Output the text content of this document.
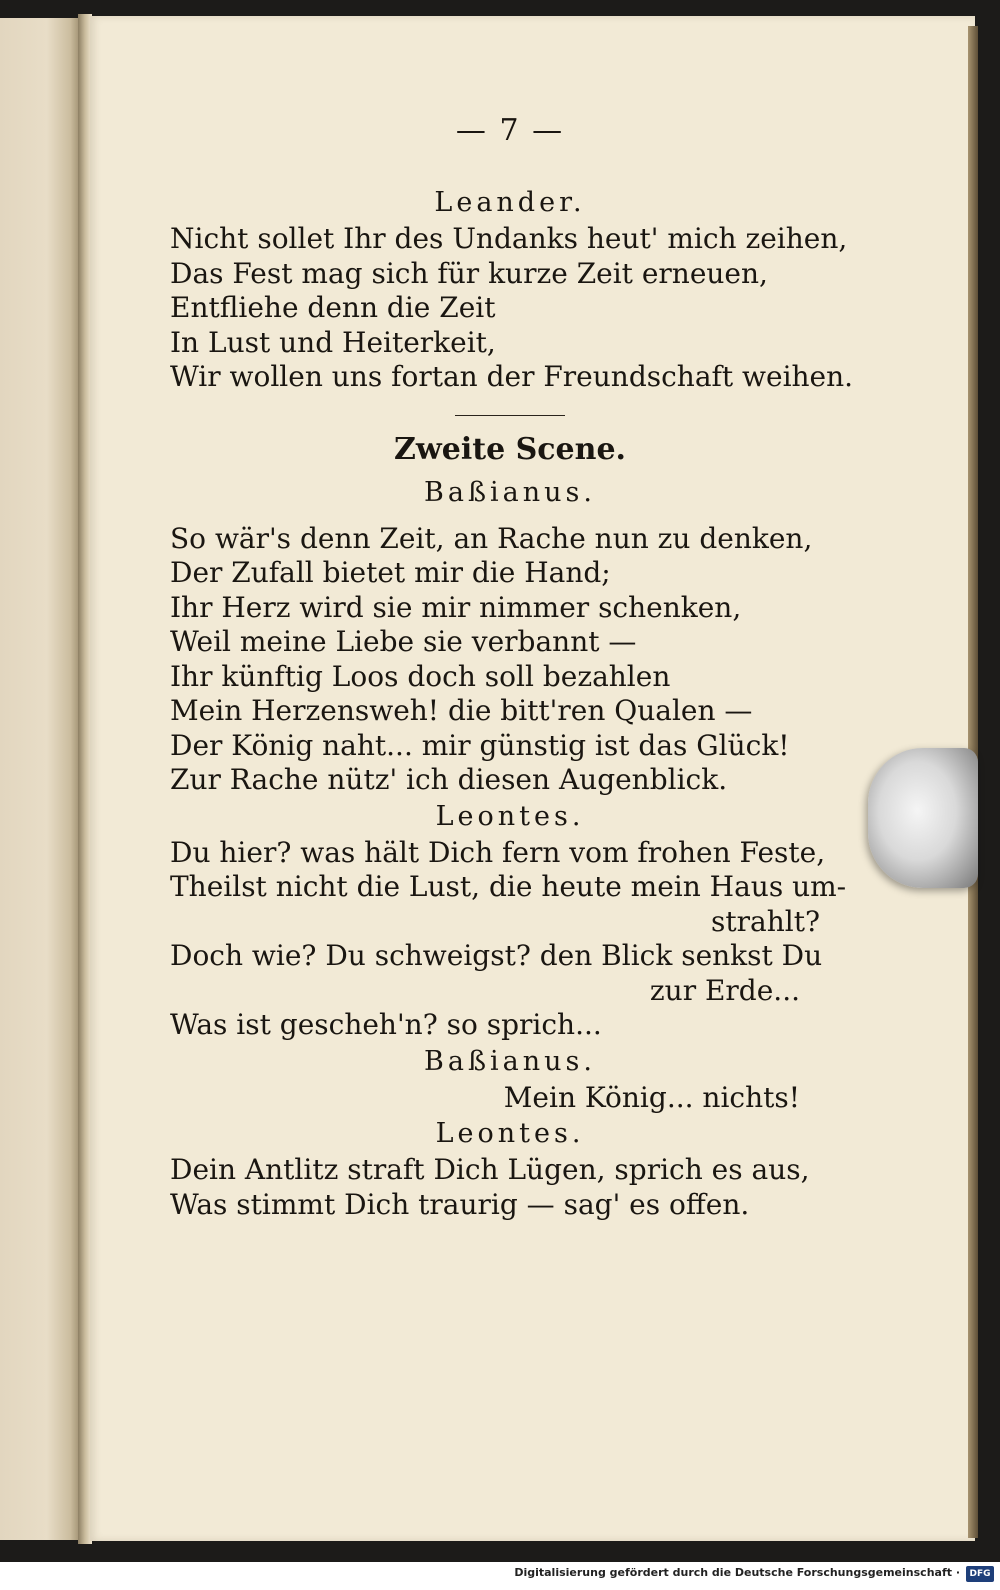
— 7 —
Leander.
Nicht sollet Ihr des Undanks heut' mich zeihen,
Das Fest mag sich für kurze Zeit erneuen,
Entfliehe denn die Zeit
In Lust und Heiterkeit,
Wir wollen uns fortan der Freundschaft weihen.
Zweite Scene.
Baßianus.
So wär's denn Zeit, an Rache nun zu denken,
Der Zufall bietet mir die Hand;
Ihr Herz wird sie mir nimmer schenken,
Weil meine Liebe sie verbannt —
Ihr künftig Loos doch soll bezahlen
Mein Herzensweh! die bitt'ren Qualen —
Der König naht... mir günstig ist das Glück!
Zur Rache nütz' ich diesen Augenblick.
Leontes.
Du hier? was hält Dich fern vom frohen Feste,
Theilst nicht die Lust, die heute mein Haus um-
strahlt?
Doch wie? Du schweigst? den Blick senkst Du
zur Erde...
Was ist gescheh'n? so sprich...
Baßianus.
Mein König... nichts!
Leontes.
Dein Antlitz straft Dich Lügen, sprich es aus,
Was stimmt Dich traurig — sag' es offen.
Digitalisierung gefördert durch die Deutsche Forschungsgemeinschaft ·	DFG
